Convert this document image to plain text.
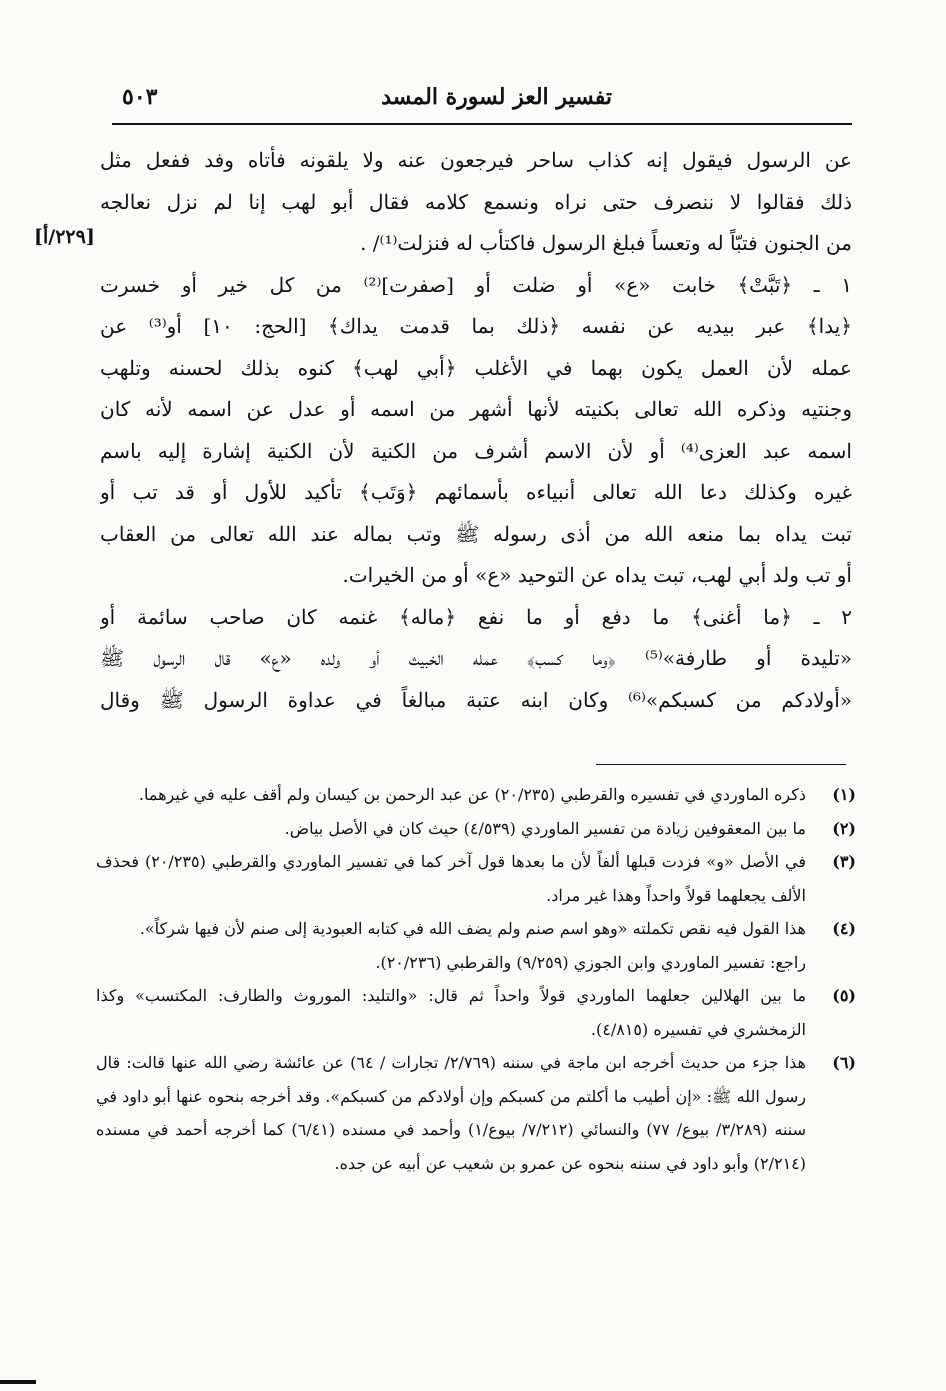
تفسير العز لسورة المسد
٥٠٣
[٢٢٩/أ]
عن الرسول فيقول إنه كذاب ساحر فيرجعون عنه ولا يلقونه فأتاه وفد ففعل مثل
ذلك فقالوا لا ننصرف حتى نراه ونسمع كلامه فقال أبو لهب إنا لم نزل نعالجه
من الجنون فتبّاً له وتعساً فبلغ الرسول فاكتأب له فنزلت⁽¹⁾/ .
١ ـ ﴿تَبَّتْ﴾ خابت «ع» أو ضلت أو [صفرت]⁽²⁾ من كل خير أو خسرت
﴿يدا﴾ عبر بيديه عن نفسه ﴿ذلك بما قدمت يداك﴾ [الحج: ١٠] أو⁽³⁾ عن
عمله لأن العمل يكون بهما في الأغلب ﴿أبي لهب﴾ كنوه بذلك لحسنه وتلهب
وجنتيه وذكره الله تعالى بكنيته لأنها أشهر من اسمه أو عدل عن اسمه لأنه كان
اسمه عبد العزى⁽⁴⁾ أو لأن الاسم أشرف من الكنية لأن الكنية إشارة إليه باسم
غيره وكذلك دعا الله تعالى أنبياءه بأسمائهم ﴿وَتَب﴾ تأكيد للأول أو قد تب أو
تبت يداه بما منعه الله من أذى رسوله ﷺ وتب بماله عند الله تعالى من العقاب
أو تب ولد أبي لهب، تبت يداه عن التوحيد «ع» أو من الخيرات.
٢ ـ ﴿ما أغنى﴾ ما دفع أو ما نفع ﴿ماله﴾ غنمه كان صاحب سائمة أو
«تليدة أو طارفة»⁽⁵⁾ ﴿وما كسب﴾ عمله الخبيث أو ولده «ع» قال الرسول ﷺ
«أولادكم من كسبكم»⁽⁶⁾ وكان ابنه عتبة مبالغاً في عداوة الرسول ﷺ وقال
(١)
ذكره الماوردي في تفسيره والقرطبي (٢٠/٢٣٥) عن عبد الرحمن بن كيسان ولم أقف عليه في غيرهما.
(٢)
ما بين المعقوفين زيادة من تفسير الماوردي (٤/٥٣٩) حيث كان في الأصل بياض.
(٣)
في الأصل «و» فزدت قبلها ألفاً لأن ما بعدها قول آخر كما في تفسير الماوردي والقرطبي (٢٠/٢٣٥) فحذف الألف يجعلهما قولاً واحداً وهذا غير مراد.
(٤)
هذا القول فيه نقص تكملته «وهو اسم صنم ولم يضف الله في كتابه العبودية إلى صنم لأن فيها شركاً».
راجع: تفسير الماوردي وابن الجوزي (٩/٢٥٩) والقرطبي (٢٠/٢٣٦).
(٥)
ما بين الهلالين جعلهما الماوردي قولاً واحداً ثم قال: «والتليد: الموروث والطارف: المكتسب» وكذا الزمخشري في تفسيره (٤/٨١٥).
(٦)
هذا جزء من حديث أخرجه ابن ماجة في سننه (٢/٧٦٩/ تجارات / ٦٤) عن عائشة رضي الله عنها قالت: قال رسول الله ﷺ: «إن أطيب ما أكلتم من كسبكم وإن أولادكم من كسبكم». وقد أخرجه بنحوه عنها أبو داود في سننه (٣/٢٨٩/ بيوع/ ٧٧) والنسائي (٧/٢١٢/ بيوع/١) وأحمد في مسنده (٦/٤١) كما أخرجه أحمد في مسنده (٢/٢١٤) وأبو داود في سننه بنحوه عن عمرو بن شعيب عن أبيه عن جده.
